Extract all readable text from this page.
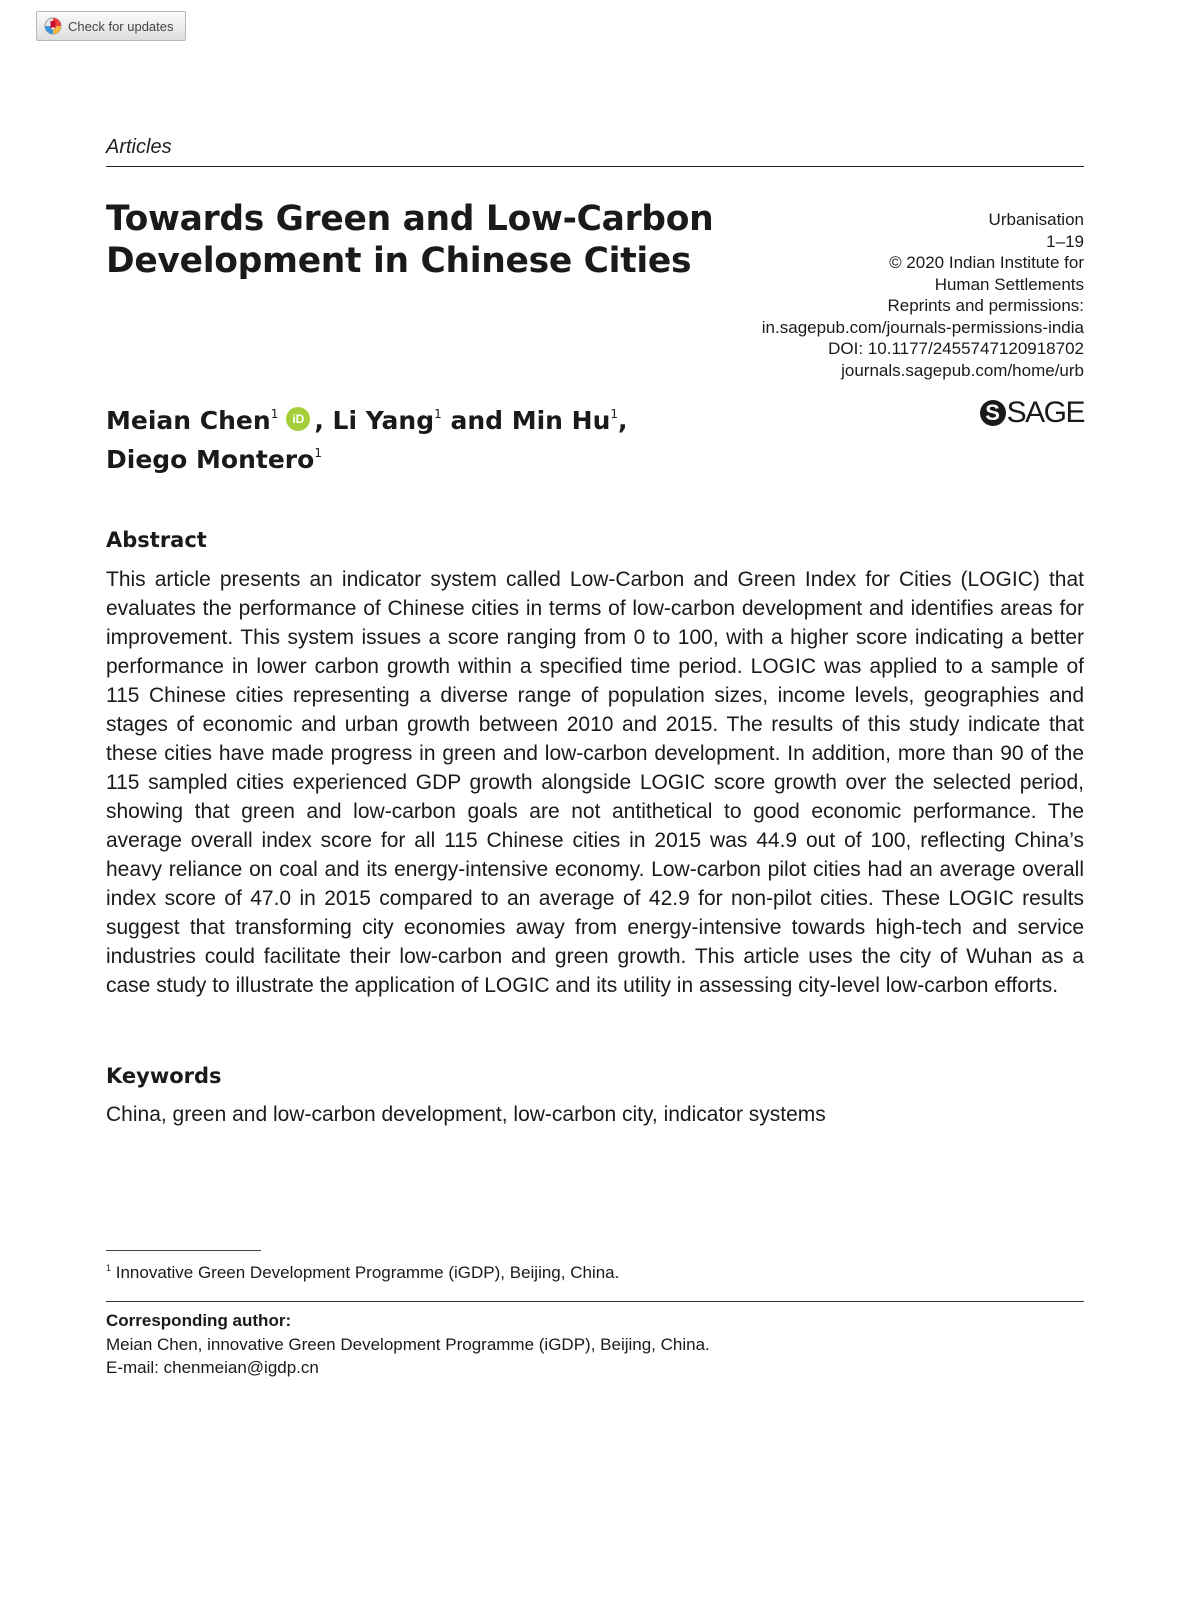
Check for updates
Articles
Towards Green and Low-Carbon Development in Chinese Cities
Urbanisation
1–19
© 2020 Indian Institute for
Human Settlements
Reprints and permissions:
in.sagepub.com/journals-permissions-india
DOI: 10.1177/2455747120918702
journals.sagepub.com/home/urb
S SAGE
Meian Chen$^1$ iD , Li Yang$^1$ and Min Hu$^1$,
Diego Montero$^1$
Abstract

This article presents an indicator system called Low-Carbon and Green Index for Cities (LOGIC) that evaluates the performance of Chinese cities in terms of low-carbon development and identifies areas for improvement. This system issues a score ranging from 0 to 100, with a higher score indicating a better performance in lower carbon growth within a specified time period. LOGIC was applied to a sample of 115 Chinese cities representing a diverse range of population sizes, income levels, geographies and stages of economic and urban growth between 2010 and 2015. The results of this study indicate that these cities have made progress in green and low-carbon development. In addition, more than 90 of the 115 sampled cities experienced GDP growth alongside LOGIC score growth over the selected period, showing that green and low-carbon goals are not antithetical to good economic performance. The average overall index score for all 115 Chinese cities in 2015 was 44.9 out of 100, reflecting China’s heavy reliance on coal and its energy-intensive economy. Low-carbon pilot cities had an average overall index score of 47.0 in 2015 compared to an average of 42.9 for non-pilot cities. These LOGIC results suggest that transforming city economies away from energy-intensive towards high-tech and service industries could facilitate their low-carbon and green growth. This article uses the city of Wuhan as a case study to illustrate the application of LOGIC and its utility in assessing city-level low-carbon efforts.

Keywords

China, green and low-carbon development, low-carbon city, indicator systems

$^1$ Innovative Green Development Programme (iGDP), Beijing, China.

Corresponding author:
Meian Chen, innovative Green Development Programme (iGDP), Beijing, China.
E-mail: chenmeian@igdp.cn
